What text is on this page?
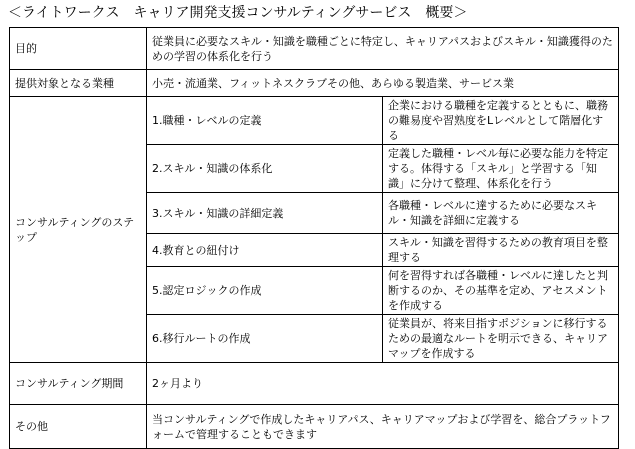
＜ライトワークス　キャリア開発支援コンサルティングサービス　概要＞
目的	従業員に必要なスキル・知識を職種ごとに特定し、キャリアパスおよびスキル・知識獲得のための学習の体系化を行う	
提供対象となる業種	小売・流通業、フィットネスクラブその他、あらゆる製造業、サービス業	
コンサルティングのステップ	1.職種・レベルの定義	企業における職種を定義するとともに、職務の難易度や習熟度をLレベルとして階層化する
	2.スキル・知識の体系化	定義した職種・レベル毎に必要な能力を特定する。体得する「スキル」と学習する「知識」に分けて整理、体系化を行う
	3.スキル・知識の詳細定義	各職種・レベルに達するために必要なスキル・知識を詳細に定義する
	4.教育との紐付け	スキル・知識を習得するための教育項目を整理する
	5.認定ロジックの作成	何を習得すれば各職種・レベルに達したと判断するのか、その基準を定め、アセスメントを作成する
	6.移行ルートの作成	従業員が、将来目指すポジションに移行するための最適なルートを明示できる、キャリアマップを作成する
コンサルティング期間	2ヶ月より	
その他	当コンサルティングで作成したキャリアパス、キャリアマップおよび学習を、総合プラットフォームで管理することもできます	
